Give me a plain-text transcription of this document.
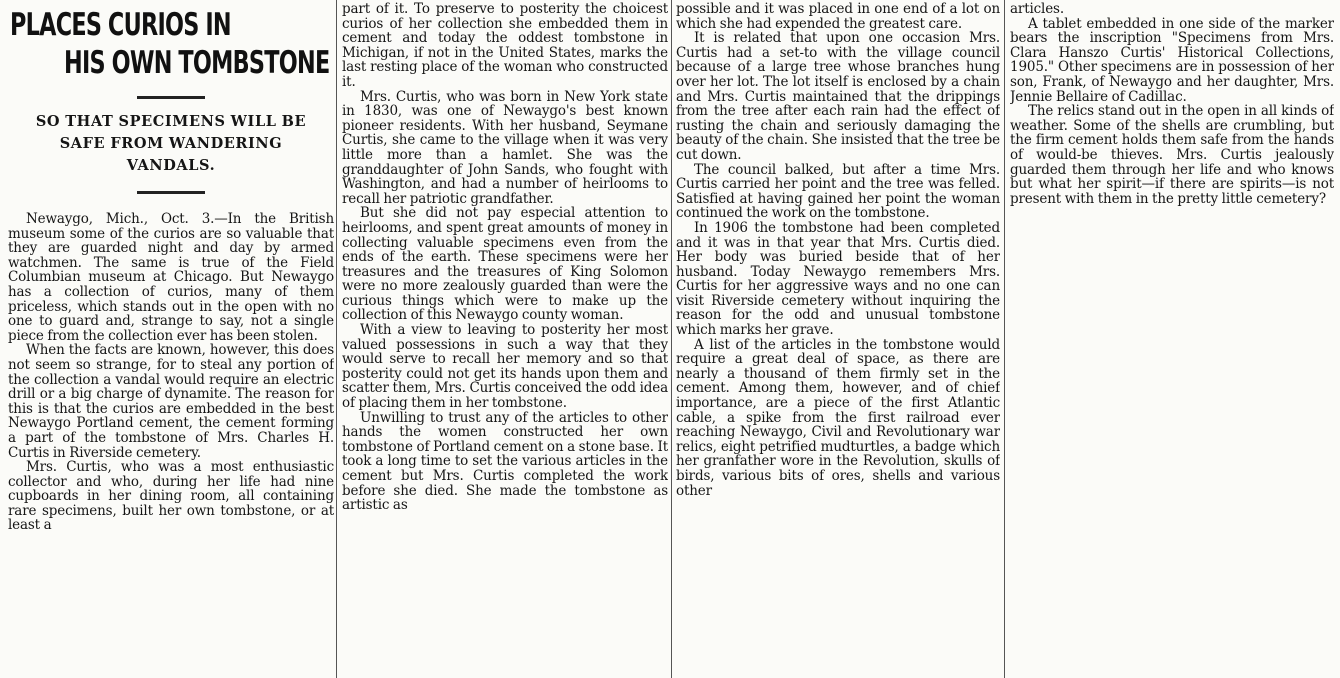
PLACES CURIOS IN
HIS OWN TOMBSTONE
SO THAT SPECIMENS WILL BE
SAFE FROM WANDERING
VANDALS.

Newaygo, Mich., Oct. 3.—In the British museum some of the curios are so valuable that they are guarded night and day by armed watchmen. The same is true of the Field Columbian museum at Chicago. But Newaygo has a collection of curios, many of them priceless, which stands out in the open with no one to guard and, strange to say, not a single piece from the collection ever has been stolen.

When the facts are known, however, this does not seem so strange, for to steal any portion of the collection a vandal would require an electric drill or a big charge of dynamite. The reason for this is that the curios are embedded in the best Newaygo Portland cement, the cement forming a part of the tombstone of Mrs. Charles H. Curtis in Riverside cemetery.

Mrs. Curtis, who was a most enthusiastic collector and who, during her life had nine cupboards in her dining room, all containing rare specimens, built her own tombstone, or at least a

part of it. To preserve to posterity the choicest curios of her collection she embedded them in cement and today the oddest tombstone in Michigan, if not in the United States, marks the last resting place of the woman who constructed it.

Mrs. Curtis, who was born in New York state in 1830, was one of Newaygo's best known pioneer residents. With her husband, Seymane Curtis, she came to the village when it was very little more than a hamlet. She was the granddaughter of John Sands, who fought with Washington, and had a number of heirlooms to recall her patriotic grandfather.

But she did not pay especial attention to heirlooms, and spent great amounts of money in collecting valuable specimens even from the ends of the earth. These specimens were her treasures and the treasures of King Solomon were no more zealously guarded than were the curious things which were to make up the collection of this Newaygo county woman.

With a view to leaving to posterity her most valued possessions in such a way that they would serve to recall her memory and so that posterity could not get its hands upon them and scatter them, Mrs. Curtis conceived the odd idea of placing them in her tombstone.

Unwilling to trust any of the articles to other hands the women constructed her own tombstone of Portland cement on a stone base. It took a long time to set the various articles in the cement but Mrs. Curtis completed the work before she died. She made the tombstone as artistic as

possible and it was placed in one end of a lot on which she had expended the greatest care.

It is related that upon one occasion Mrs. Curtis had a set-to with the village council because of a large tree whose branches hung over her lot. The lot itself is enclosed by a chain and Mrs. Curtis maintained that the drippings from the tree after each rain had the effect of rusting the chain and seriously damaging the beauty of the chain. She insisted that the tree be cut down.

The council balked, but after a time Mrs. Curtis carried her point and the tree was felled. Satisfied at having gained her point the woman continued the work on the tombstone.

In 1906 the tombstone had been completed and it was in that year that Mrs. Curtis died. Her body was buried beside that of her husband. Today Newaygo remembers Mrs. Curtis for her aggressive ways and no one can visit Riverside cemetery without inquiring the reason for the odd and unusual tombstone which marks her grave.

A list of the articles in the tombstone would require a great deal of space, as there are nearly a thousand of them firmly set in the cement. Among them, however, and of chief importance, are a piece of the first Atlantic cable, a spike from the first railroad ever reaching Newaygo, Civil and Revolutionary war relics, eight petrified mudturtles, a badge which her granfather wore in the Revolution, skulls of birds, various bits of ores, shells and various other

articles.

A tablet embedded in one side of the marker bears the inscription "Specimens from Mrs. Clara Hanszo Curtis' Historical Collections, 1905." Other specimens are in possession of her son, Frank, of Newaygo and her daughter, Mrs. Jennie Bellaire of Cadillac.

The relics stand out in the open in all kinds of weather. Some of the shells are crumbling, but the firm cement holds them safe from the hands of would-be thieves. Mrs. Curtis jealously guarded them through her life and who knows but what her spirit—if there are spirits—is not present with them in the pretty little cemetery?
